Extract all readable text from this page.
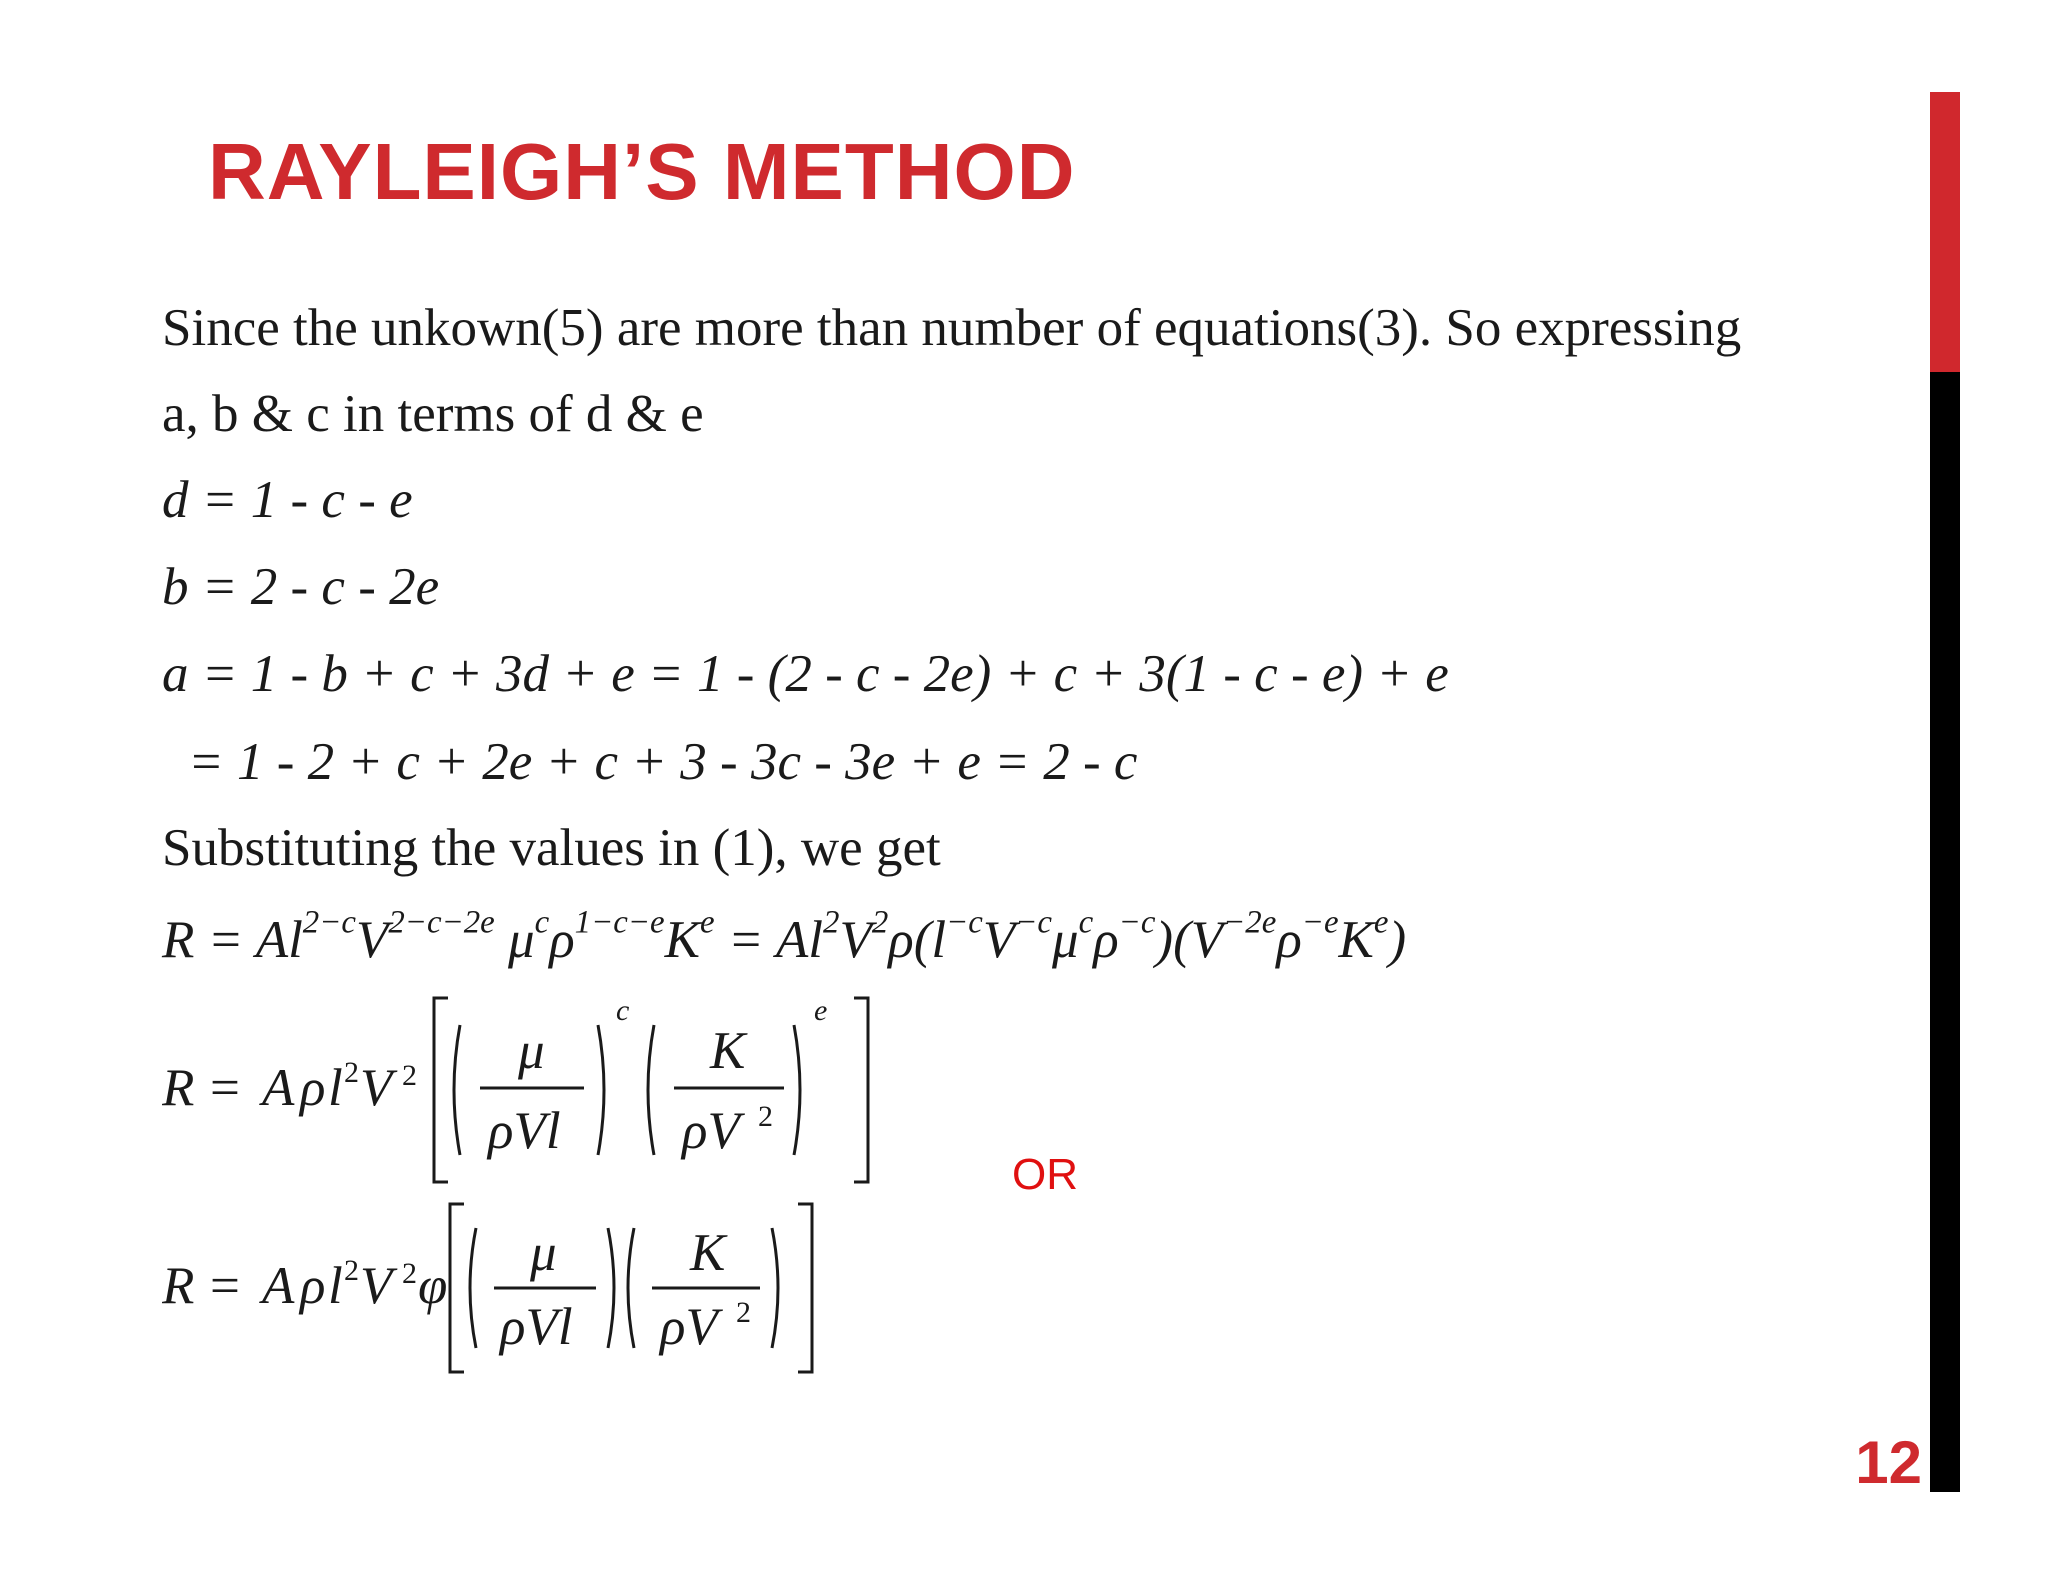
RAYLEIGH’S METHOD
12
Since the unkown(5) are more than number of equations(3). So expressing
a, b & c in terms of d & e
d = 1 - c - e
b = 2 - c - 2e
a = 1 - b + c + 3d + e = 1 - (2 - c - 2e) + c + 3(1 - c - e) + e
= 1 - 2 + c + 2e + c + 3 - 3c - 3e + e = 2 - c
Substituting the values in (1), we get
$R = Al^{2-c}V^{2-c-2e}$ $\mu^c\rho^{1-c-e}K^e = Al^2V^2\rho(l^{-c}V^{-c}\mu^c\rho^{-c})(V^{-2e}\rho^{-e}K^e)$
R = A ρ l 2 V 2 μ
ρVl
c
K
ρV 2
e
OR
R = A ρ l 2 V 2 φ
μ
ρVl
K
ρV 2
